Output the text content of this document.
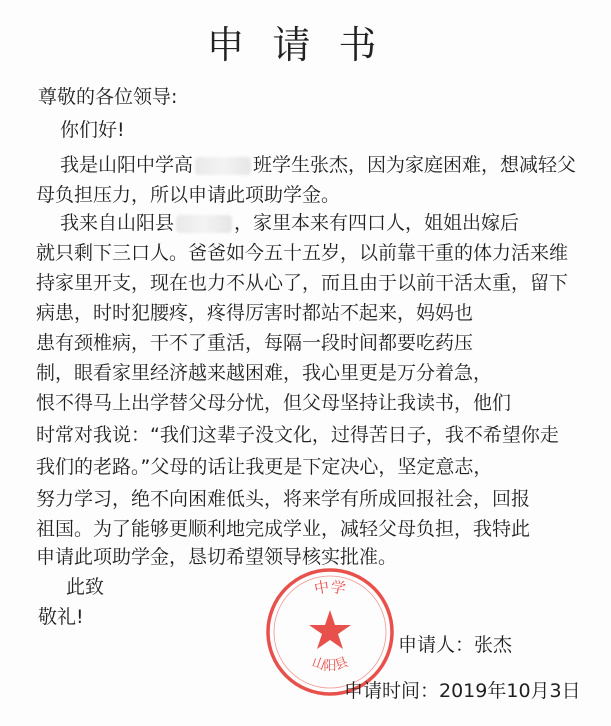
申请书
尊敬的各位领导:
你们好!
我是山阳中学高	班学生张杰，因为家庭困难，想减轻父
母负担压力，所以申请此项助学金。
我来自山阳县	，家里本来有四口人，姐姐出嫁后
就只剩下三口人。爸爸如今五十五岁，以前靠干重的体力活来维
持家里开支，现在也力不从心了，而且由于以前干活太重，留下
病患，时时犯腰疼，疼得厉害时都站不起来，妈妈也
患有颈椎病，干不了重活，每隔一段时间都要吃药压
制，眼看家里经济越来越困难，我心里更是万分着急，
恨不得马上出学替父母分忧，但父母坚持让我读书，他们
时常对我说：“我们这辈子没文化，过得苦日子，我不希望你走
我们的老路。”父母的话让我更是下定决心，坚定意志，
努力学习，绝不向困难低头，将来学有所成回报社会，回报
祖国。为了能够更顺利地完成学业，减轻父母负担，我特此
申请此项助学金，恳切希望领导核实批准。
此致
敬礼!
中学
山阳县
申请人：张杰
申请时间：2019年10月3日
